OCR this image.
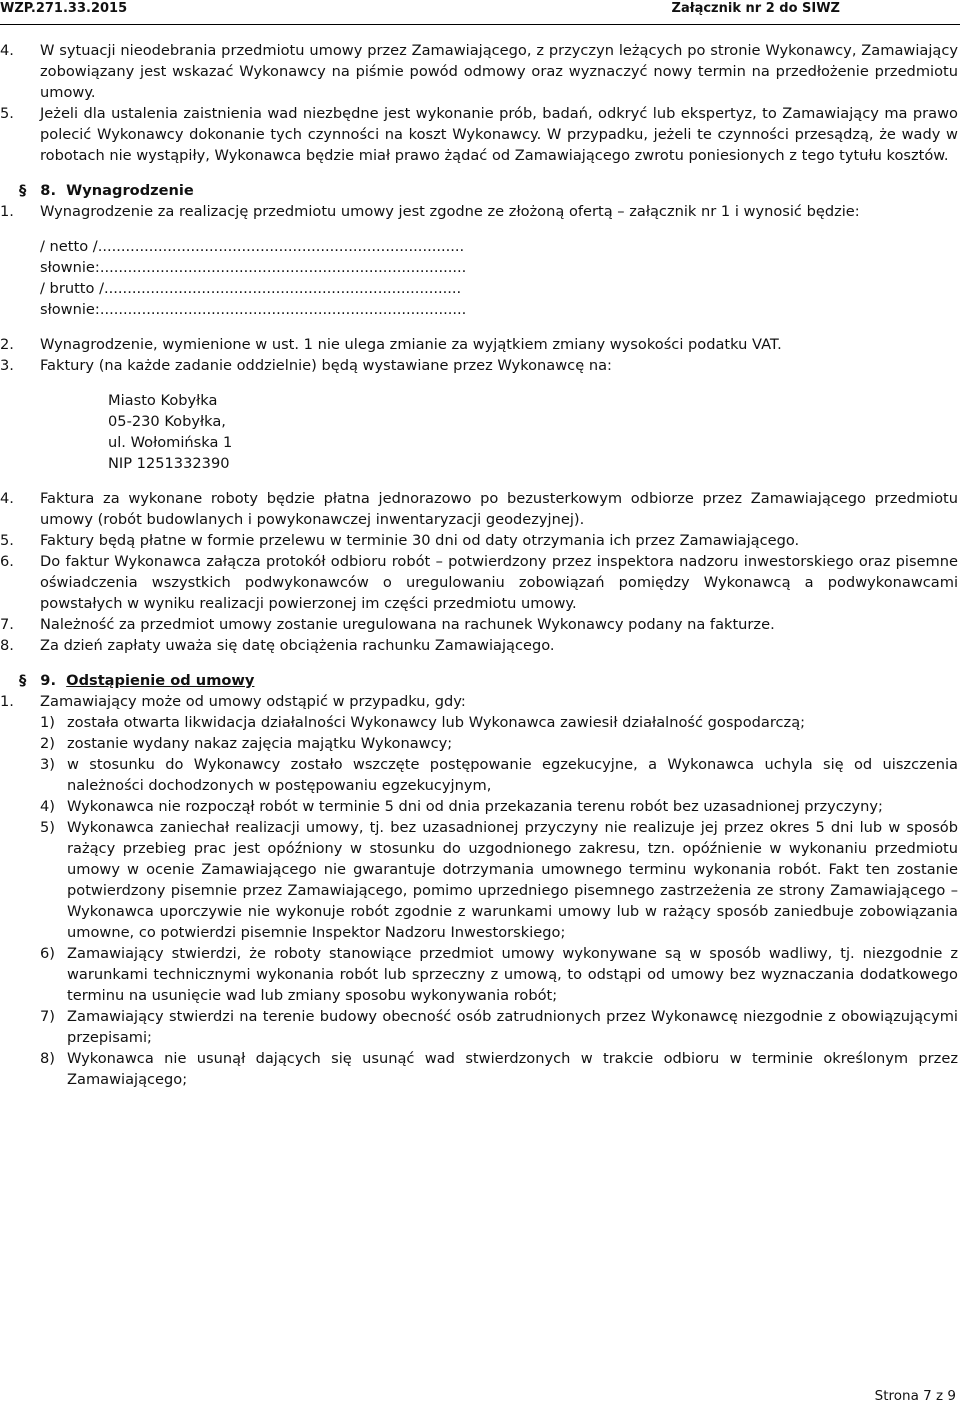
WZP.271.33.2015	Załącznik nr 2 do SIWZ
4. W sytuacji nieodebrania przedmiotu umowy przez Zamawiającego, z przyczyn leżących po stronie Wykonawcy, Zamawiający zobowiązany jest wskazać Wykonawcy na piśmie powód odmowy oraz wyznaczyć nowy termin na przedłożenie przedmiotu umowy.
5. Jeżeli dla ustalenia zaistnienia wad niezbędne jest wykonanie prób, badań, odkryć lub ekspertyz, to Zamawiający ma prawo polecić Wykonawcy dokonanie tych czynności na koszt Wykonawcy. W przypadku, jeżeli te czynności przesądzą, że wady w robotach nie wystąpiły, Wykonawca będzie miał prawo żądać od Zamawiającego zwrotu poniesionych z tego tytułu kosztów.
§ 8. Wynagrodzenie
1. Wynagrodzenie za realizację przedmiotu umowy jest zgodne ze złożoną ofertą – załącznik nr 1 i wynosić będzie:
/ netto /...............................................................................
słownie:...............................................................................
/ brutto /.............................................................................
słownie:...............................................................................
2. Wynagrodzenie, wymienione w ust. 1 nie ulega zmianie za wyjątkiem zmiany wysokości podatku VAT.
3. Faktury (na każde zadanie oddzielnie) będą wystawiane przez Wykonawcę na:
Miasto Kobyłka
05-230 Kobyłka,
ul. Wołomińska 1
NIP 1251332390
4. Faktura za wykonane roboty będzie płatna jednorazowo po bezusterkowym odbiorze przez Zamawiającego przedmiotu umowy (robót budowlanych i powykonawczej inwentaryzacji geodezyjnej).
5. Faktury będą płatne w formie przelewu w terminie 30 dni od daty otrzymania ich przez Zamawiającego.
6. Do faktur Wykonawca załącza protokół odbioru robót – potwierdzony przez inspektora nadzoru inwestorskiego oraz pisemne oświadczenia wszystkich podwykonawców o uregulowaniu zobowiązań pomiędzy Wykonawcą a podwykonawcami powstałych w wyniku realizacji powierzonej im części przedmiotu umowy.
7. Należność za przedmiot umowy zostanie uregulowana na rachunek Wykonawcy podany na fakturze.
8. Za dzień zapłaty uważa się datę obciążenia rachunku Zamawiającego.
§ 9. Odstąpienie od umowy
1. Zamawiający może od umowy odstąpić w przypadku, gdy:
1) została otwarta likwidacja działalności Wykonawcy lub Wykonawca zawiesił działalność gospodarczą;
2) zostanie wydany nakaz zajęcia majątku Wykonawcy;
3) w stosunku do Wykonawcy zostało wszczęte postępowanie egzekucyjne, a Wykonawca uchyla się od uiszczenia należności dochodzonych w postępowaniu egzekucyjnym,
4) Wykonawca nie rozpoczął robót w terminie 5 dni od dnia przekazania terenu robót bez uzasadnionej przyczyny;
5) Wykonawca zaniechał realizacji umowy, tj. bez uzasadnionej przyczyny nie realizuje jej przez okres 5 dni lub w sposób rażący przebieg prac jest opóźniony w stosunku do uzgodnionego zakresu, tzn. opóźnienie w wykonaniu przedmiotu umowy w ocenie Zamawiającego nie gwarantuje dotrzymania umownego terminu wykonania robót. Fakt ten zostanie potwierdzony pisemnie przez Zamawiającego, pomimo uprzedniego pisemnego zastrzeżenia ze strony Zamawiającego – Wykonawca uporczywie nie wykonuje robót zgodnie z warunkami umowy lub w rażący sposób zaniedbuje zobowiązania umowne, co potwierdzi pisemnie Inspektor Nadzoru Inwestorskiego;
6) Zamawiający stwierdzi, że roboty stanowiące przedmiot umowy wykonywane są w sposób wadliwy, tj. niezgodnie z warunkami technicznymi wykonania robót lub sprzeczny z umową, to odstąpi od umowy bez wyznaczania dodatkowego terminu na usunięcie wad lub zmiany sposobu wykonywania robót;
7) Zamawiający stwierdzi na terenie budowy obecność osób zatrudnionych przez Wykonawcę niezgodnie z obowiązującymi przepisami;
8) Wykonawca nie usunął dających się usunąć wad stwierdzonych w trakcie odbioru w terminie określonym przez Zamawiającego;
Strona 7 z 9
